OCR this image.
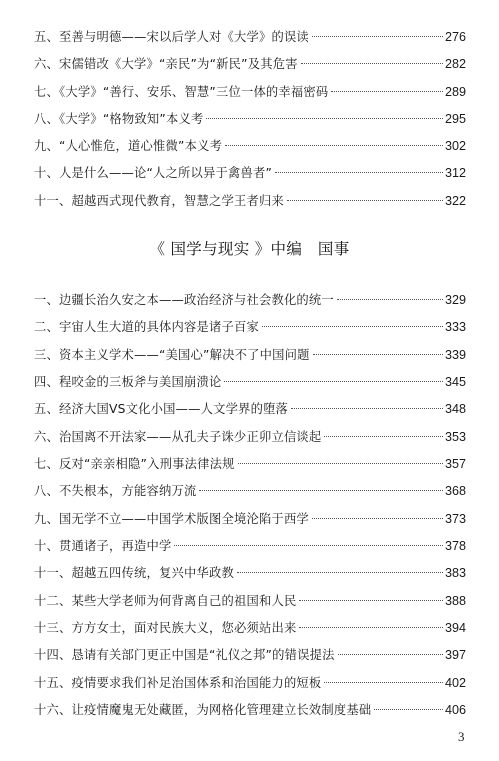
五、至善与明德——宋以后学人对《大学》的误读	276
六、宋儒错改《大学》“亲民”为“新民”及其危害	282
七、《大学》“善行、安乐、智慧”三位一体的幸福密码	289
八、《大学》“格物致知”本义考	295
九、“人心惟危，道心惟微”本义考	302
十、人是什么——论“人之所以异于禽兽者”	312
十一、超越西式现代教育，智慧之学王者归来	322
《 国学与现实 》中编　国事
一、边疆长治久安之本——政治经济与社会教化的统一	329
二、宇宙人生大道的具体内容是诸子百家	333
三、资本主义学术——“美国心”解决不了中国问题	339
四、程咬金的三板斧与美国崩溃论	345
五、经济大国VS文化小国——人文学界的堕落	348
六、治国离不开法家——从孔夫子诛少正卯立信谈起	353
七、反对“亲亲相隐”入刑事法律法规	357
八、不失根本，方能容纳万流	368
九、国无学不立——中国学术版图全境沦陷于西学	373
十、贯通诸子，再造中学	378
十一、超越五四传统，复兴中华政教	383
十二、某些大学老师为何背离自己的祖国和人民	388
十三、方方女士，面对民族大义，您必须站出来	394
十四、恳请有关部门更正中国是“礼仪之邦”的错误提法	397
十五、疫情要求我们补足治国体系和治国能力的短板	402
十六、让疫情魔鬼无处藏匿，为网格化管理建立长效制度基础	406
3
